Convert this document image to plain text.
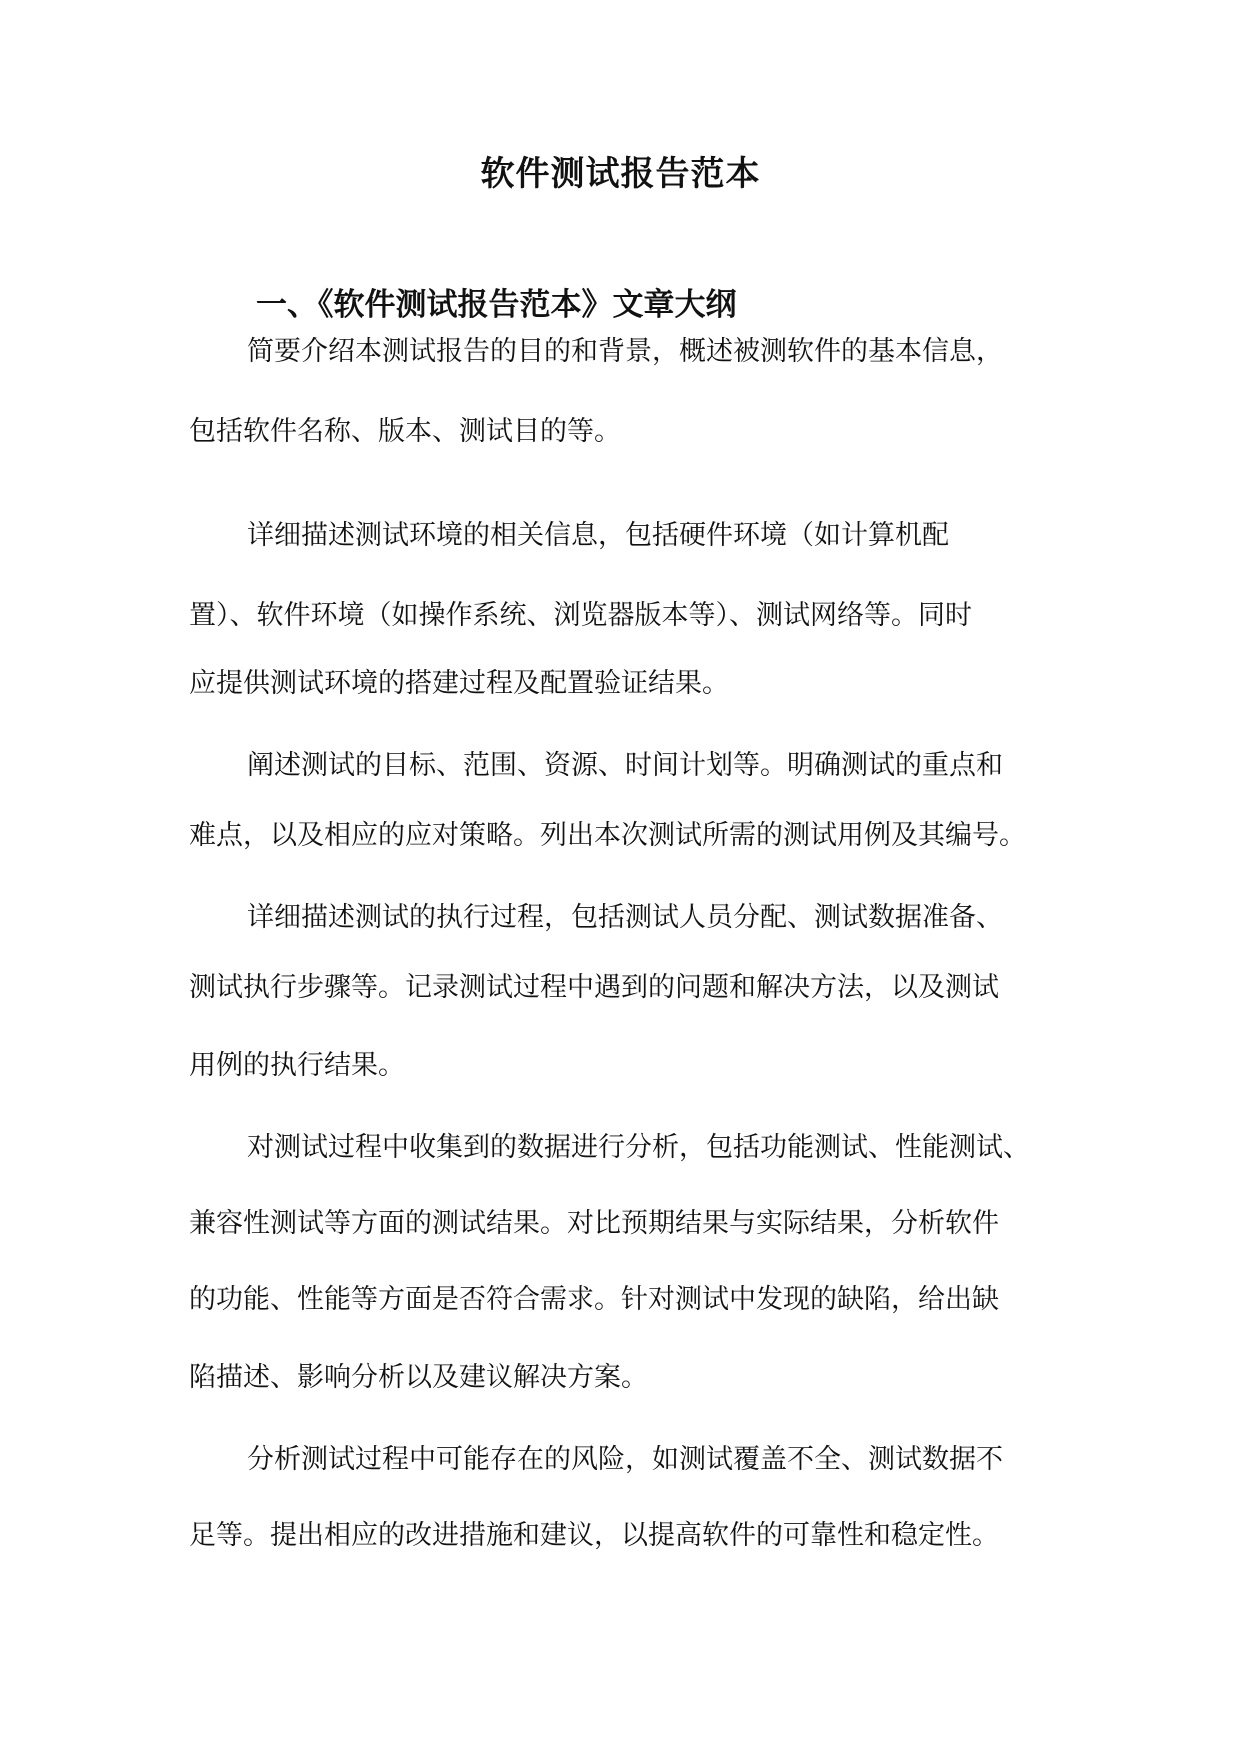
软件测试报告范本
一、《软件测试报告范本》文章大纲
简要介绍本测试报告的目的和背景，概述被测软件的基本信息，
包括软件名称、版本、测试目的等。
详细描述测试环境的相关信息，包括硬件环境（如计算机配
置）、软件环境（如操作系统、浏览器版本等）、测试网络等。同时
应提供测试环境的搭建过程及配置验证结果。
阐述测试的目标、范围、资源、时间计划等。明确测试的重点和
难点，以及相应的应对策略。列出本次测试所需的测试用例及其编号。
详细描述测试的执行过程，包括测试人员分配、测试数据准备、
测试执行步骤等。记录测试过程中遇到的问题和解决方法，以及测试
用例的执行结果。
对测试过程中收集到的数据进行分析，包括功能测试、性能测试、
兼容性测试等方面的测试结果。对比预期结果与实际结果，分析软件
的功能、性能等方面是否符合需求。针对测试中发现的缺陷，给出缺
陷描述、影响分析以及建议解决方案。
分析测试过程中可能存在的风险，如测试覆盖不全、测试数据不
足等。提出相应的改进措施和建议，以提高软件的可靠性和稳定性。
